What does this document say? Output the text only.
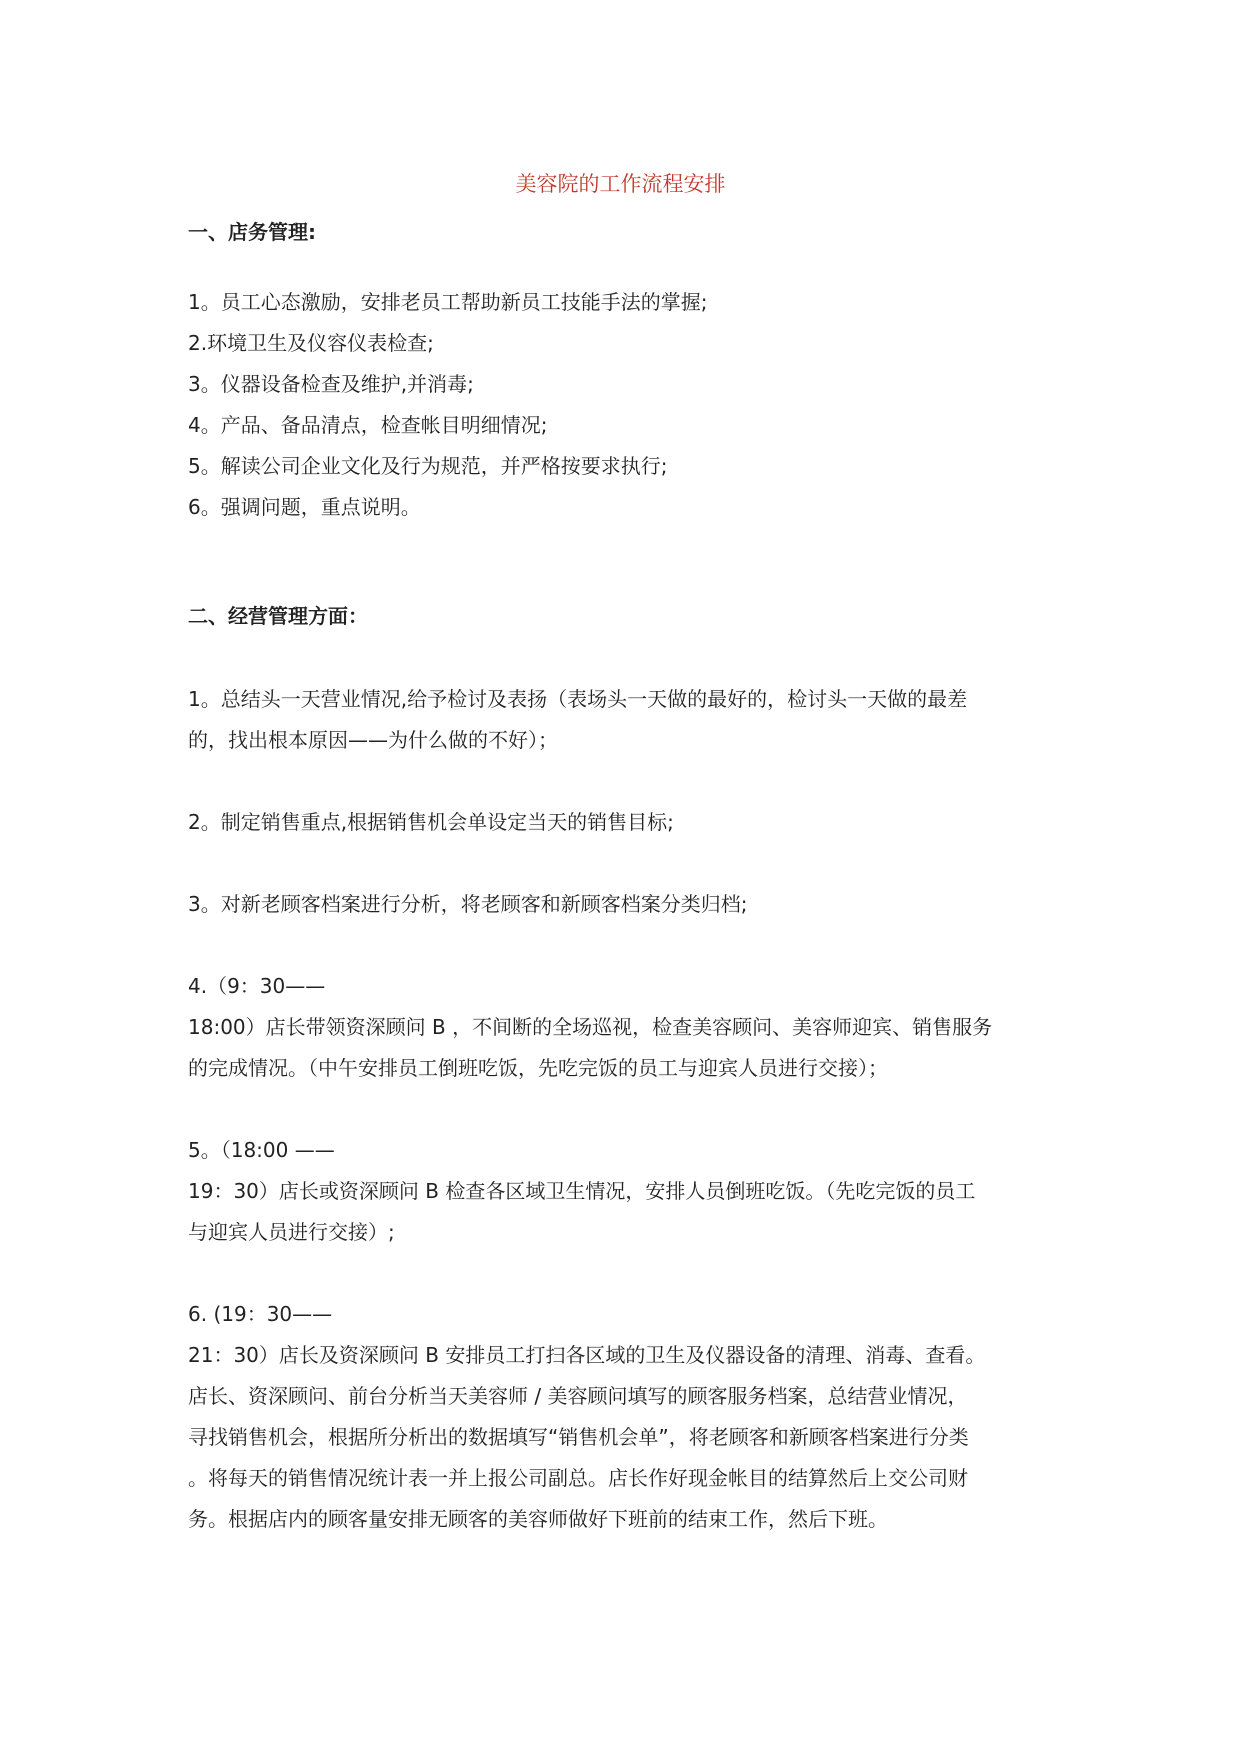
美容院的工作流程安排
一、店务管理:
1。员工心态激励，安排老员工帮助新员工技能手法的掌握;
2.环境卫生及仪容仪表检查;
3。仪器设备检查及维护,并消毒;
4。产品、备品清点，检查帐目明细情况;
5。解读公司企业文化及行为规范，并严格按要求执行;
6。强调问题，重点说明。
二、经营管理方面：
1。总结头一天营业情况,给予检讨及表扬（表场头一天做的最好的，检讨头一天做的最差
的，找出根本原因——为什么做的不好）；
2。制定销售重点,根据销售机会单设定当天的销售目标;
3。对新老顾客档案进行分析，将老顾客和新顾客档案分类归档;
4.（9：30——
18:00）店长带领资深顾问 B ，不间断的全场巡视，检查美容顾问、美容师迎宾、销售服务
的完成情况。（中午安排员工倒班吃饭，先吃完饭的员工与迎宾人员进行交接）；
5。（18:00 ——
19：30）店长或资深顾问 B 检查各区域卫生情况，安排人员倒班吃饭。（先吃完饭的员工
与迎宾人员进行交接）;
6. (19：30——
21：30）店长及资深顾问 B 安排员工打扫各区域的卫生及仪器设备的清理、消毒、查看。
店长、资深顾问、前台分析当天美容师 / 美容顾问填写的顾客服务档案，总结营业情况，
寻找销售机会，根据所分析出的数据填写“销售机会单”，将老顾客和新顾客档案进行分类
。将每天的销售情况统计表一并上报公司副总。店长作好现金帐目的结算然后上交公司财
务。根据店内的顾客量安排无顾客的美容师做好下班前的结束工作，然后下班。
